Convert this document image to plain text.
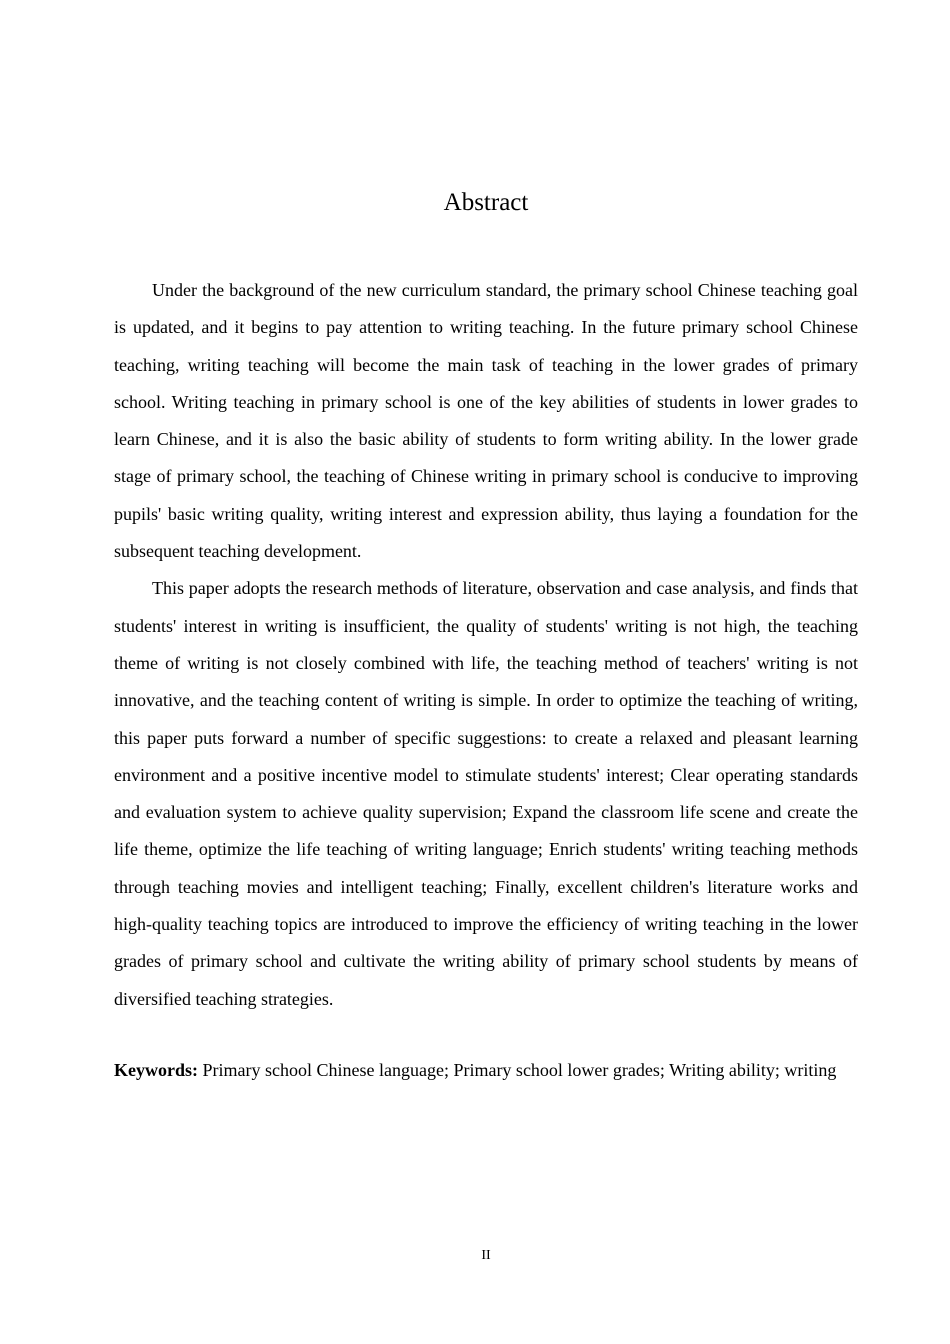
Abstract

Under the background of the new curriculum standard, the primary school Chinese teaching goal is updated, and it begins to pay attention to writing teaching. In the future primary school Chinese teaching, writing teaching will become the main task of teaching in the lower grades of primary school. Writing teaching in primary school is one of the key abilities of students in lower grades to learn Chinese, and it is also the basic ability of students to form writing ability. In the lower grade stage of primary school, the teaching of Chinese writing in primary school is conducive to improving pupils' basic writing quality, writing interest and expression ability, thus laying a foundation for the subsequent teaching development.

This paper adopts the research methods of literature, observation and case analysis, and finds that students' interest in writing is insufficient, the quality of students' writing is not high, the teaching theme of writing is not closely combined with life, the teaching method of teachers' writing is not innovative, and the teaching content of writing is simple. In order to optimize the teaching of writing, this paper puts forward a number of specific suggestions: to create a relaxed and pleasant learning environment and a positive incentive model to stimulate students' interest; Clear operating standards and evaluation system to achieve quality supervision; Expand the classroom life scene and create the life theme, optimize the life teaching of writing language; Enrich students' writing teaching methods through teaching movies and intelligent teaching; Finally, excellent children's literature works and high-quality teaching topics are introduced to improve the efficiency of writing teaching in the lower grades of primary school and cultivate the writing ability of primary school students by means of diversified teaching strategies.

Keywords: Primary school Chinese language; Primary school lower grades; Writing ability; writing

II
